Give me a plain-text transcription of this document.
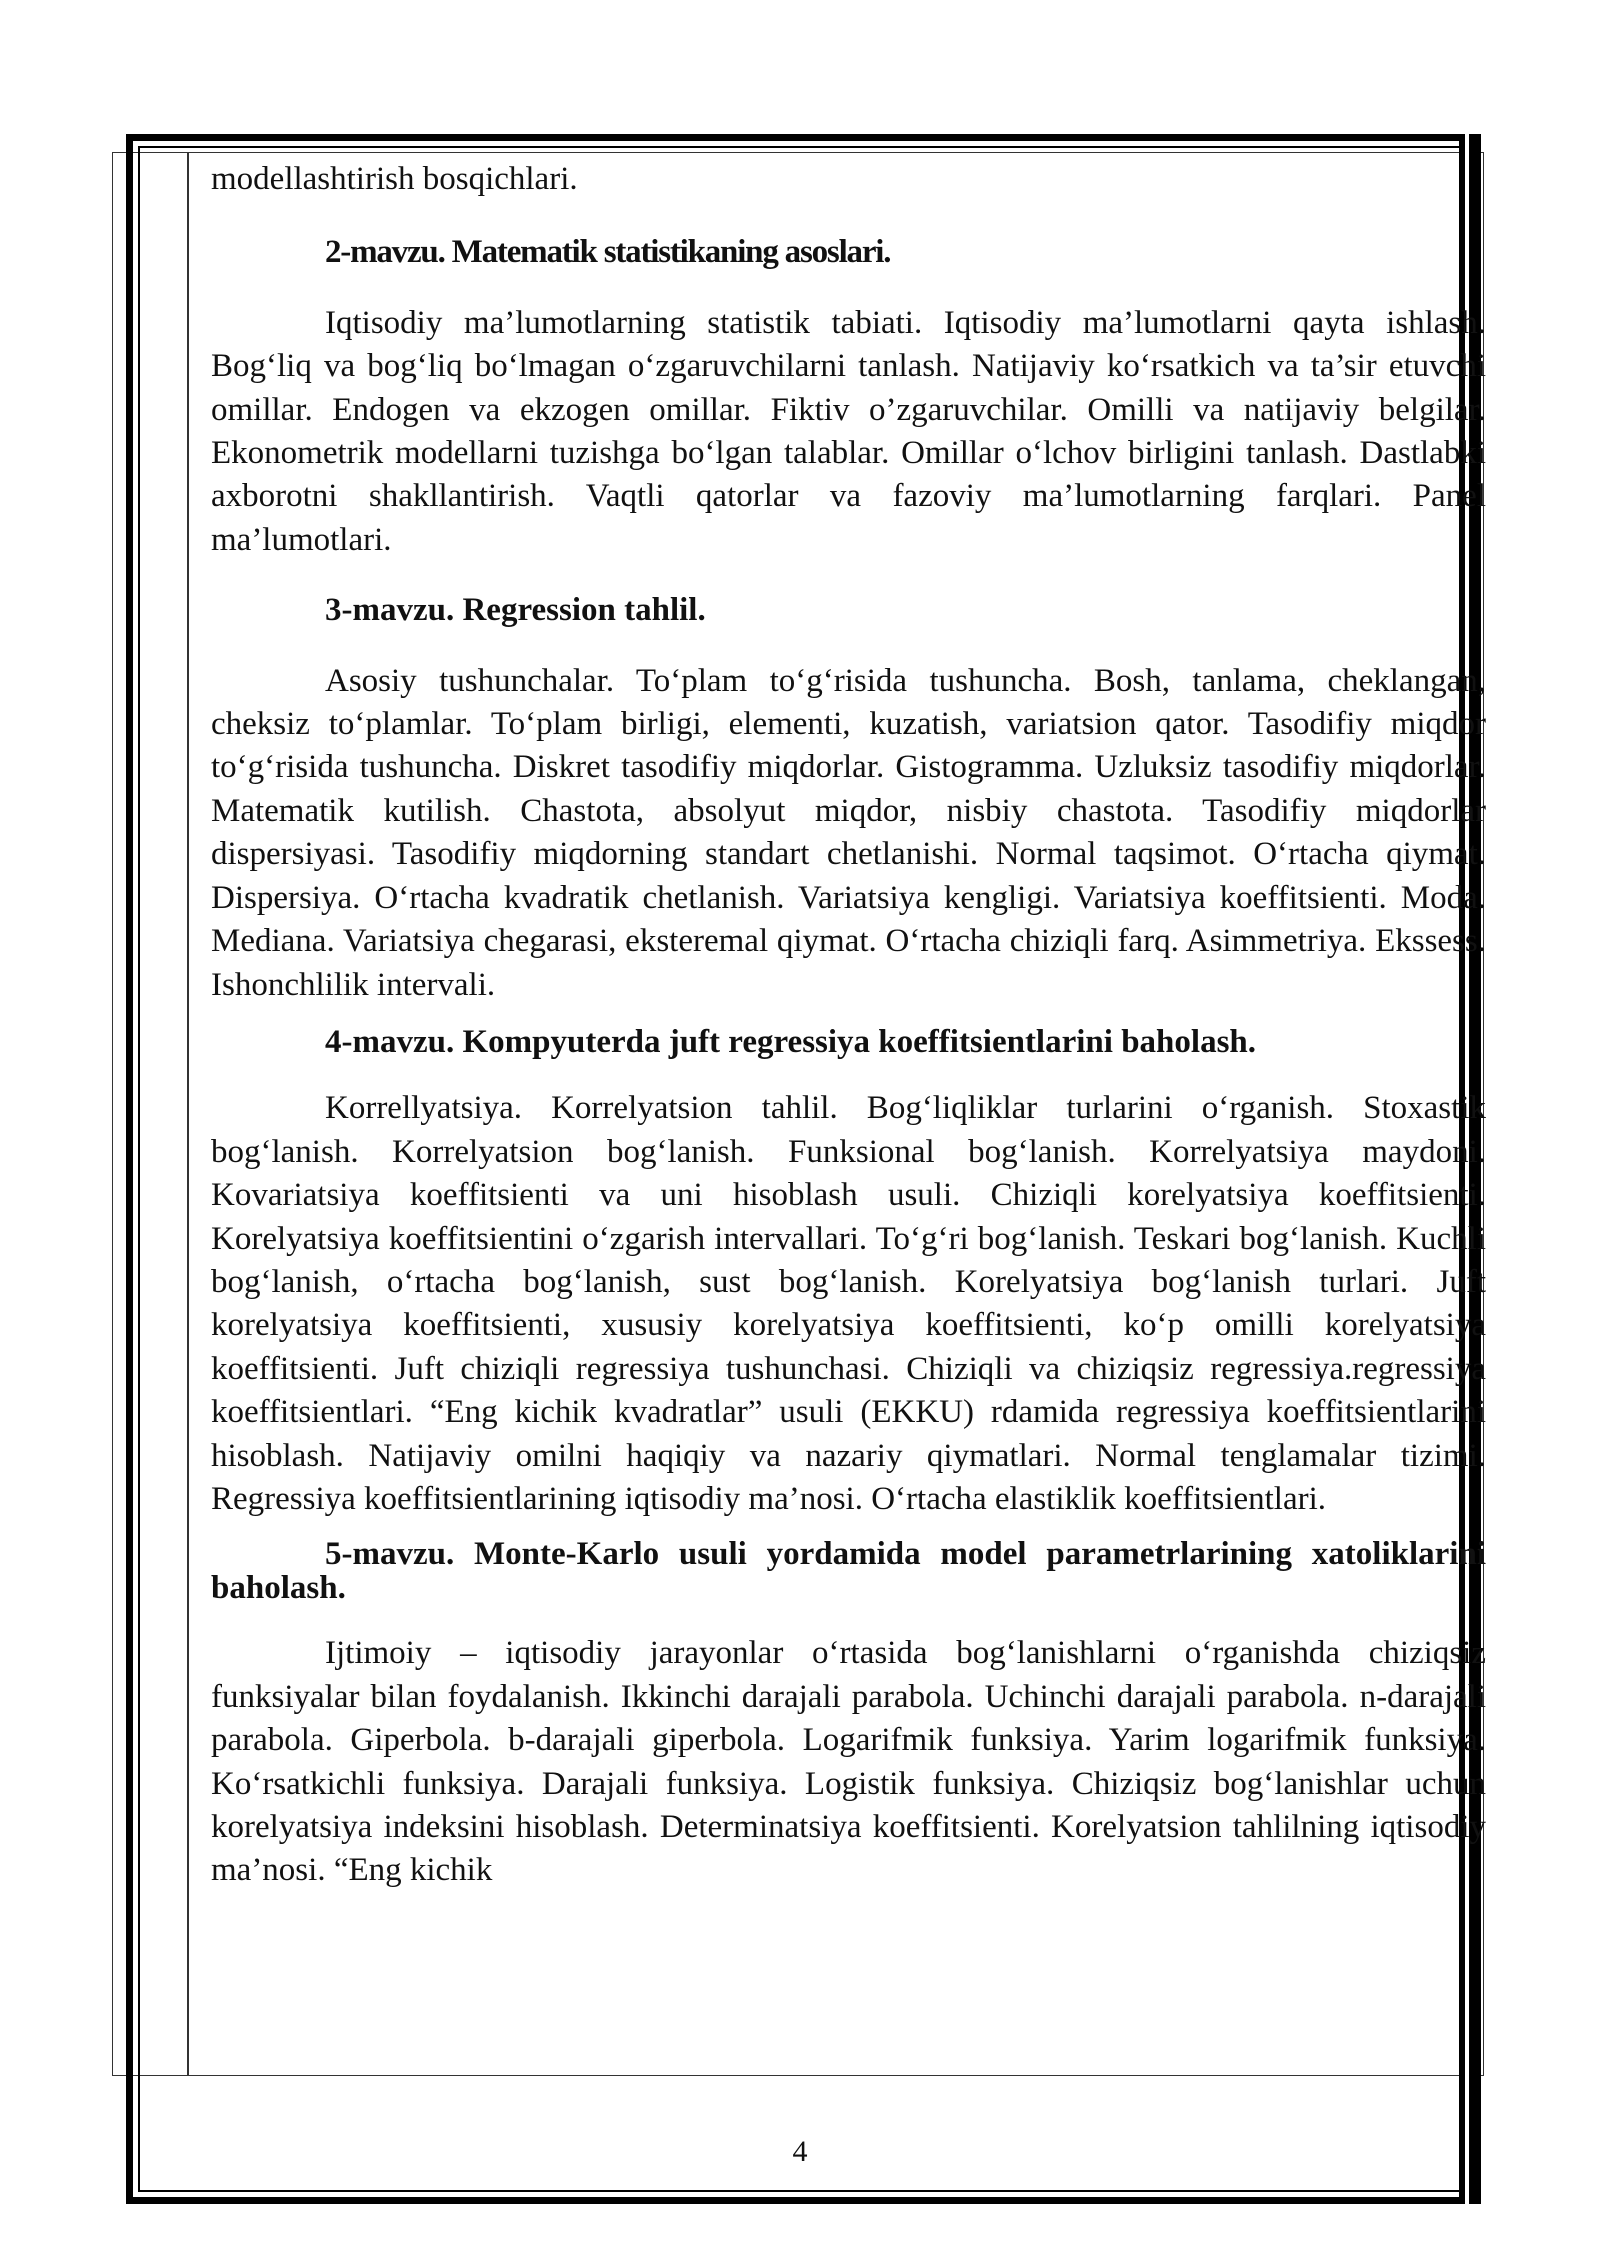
modellashtirish bosqichlari.

2-mavzu. Matematik statistikaning asoslari.

Iqtisodiy ma’lumotlarning statistik tabiati. Iqtisodiy ma’lumotlarni qayta ishlash. Bog‘liq va bog‘liq bo‘lmagan o‘zgaruvchilarni tanlash. Natijaviy ko‘rsatkich va ta’sir etuvchi omillar. Endogen va ekzogen omillar. Fiktiv o’zgaruvchilar. Omilli va natijaviy belgilar. Ekonometrik modellarni tuzishga bo‘lgan talablar. Omillar o‘lchov birligini tanlash. Dastlabki axborotni shakllantirish. Vaqtli qatorlar va fazoviy ma’lumotlarning farqlari. Panel ma’lumotlari.

3-mavzu. Regression tahlil.

Asosiy tushunchalar. To‘plam to‘g‘risida tushuncha. Bosh, tanlama, cheklangan, cheksiz to‘plamlar. To‘plam birligi, elementi, kuzatish, variatsion qator. Tasodifiy miqdor to‘g‘risida tushuncha. Diskret tasodifiy miqdorlar. Gistogramma. Uzluksiz tasodifiy miqdorlar. Matematik kutilish. Chastota, absolyut miqdor, nisbiy chastota. Tasodifiy miqdorlar dispersiyasi. Tasodifiy miqdorning standart chetlanishi. Normal taqsimot. O‘rtacha qiymat. Dispersiya. O‘rtacha kvadratik chetlanish. Variatsiya kengligi. Variatsiya koeffitsienti. Moda. Mediana. Variatsiya chegarasi, eksteremal qiymat. O‘rtacha chiziqli farq. Asimmetriya. Ekssess. Ishonchlilik intervali.

4-mavzu. Kompyuterda juft regressiya koeffitsientlarini baholash.

Korrellyatsiya. Korrelyatsion tahlil. Bog‘liqliklar turlarini o‘rganish. Stoxastik bog‘lanish. Korrelyatsion bog‘lanish. Funksional bog‘lanish. Korrelyatsiya maydoni. Kovariatsiya koeffitsienti va uni hisoblash usuli. Chiziqli korelyatsiya koeffitsienti. Korelyatsiya koeffitsientini o‘zgarish intervallari. To‘g‘ri bog‘lanish. Teskari bog‘lanish. Kuchli bog‘lanish, o‘rtacha bog‘lanish, sust bog‘lanish. Korelyatsiya bog‘lanish turlari. Juft korelyatsiya koeffitsienti, xususiy korelyatsiya koeffitsienti, ko‘p omilli korelyatsiya koeffitsienti. Juft chiziqli regressiya tushunchasi. Chiziqli va chiziqsiz regressiya.regressiya koeffitsientlari. “Eng kichik kvadratlar” usuli (EKKU) rdamida regressiya koeffitsientlarini hisoblash. Natijaviy omilni haqiqiy va nazariy qiymatlari. Normal tenglamalar tizimi. Regressiya koeffitsientlarining iqtisodiy ma’nosi. O‘rtacha elastiklik koeffitsientlari.

5-mavzu. Monte-Karlo usuli yordamida model parametrlarining xatoliklarini baholash.

Ijtimoiy – iqtisodiy jarayonlar o‘rtasida bog‘lanishlarni o‘rganishda chiziqsiz funksiyalar bilan foydalanish. Ikkinchi darajali parabola. Uchinchi darajali parabola. n-darajali parabola. Giperbola. b-darajali giperbola. Logarifmik funksiya. Yarim logarifmik funksiya. Ko‘rsatkichli funksiya. Darajali funksiya. Logistik funksiya. Chiziqsiz bog‘lanishlar uchun korelyatsiya indeksini hisoblash. Determinatsiya koeffitsienti. Korelyatsion tahlilning iqtisodiy ma’nosi. “Eng kichik

4
